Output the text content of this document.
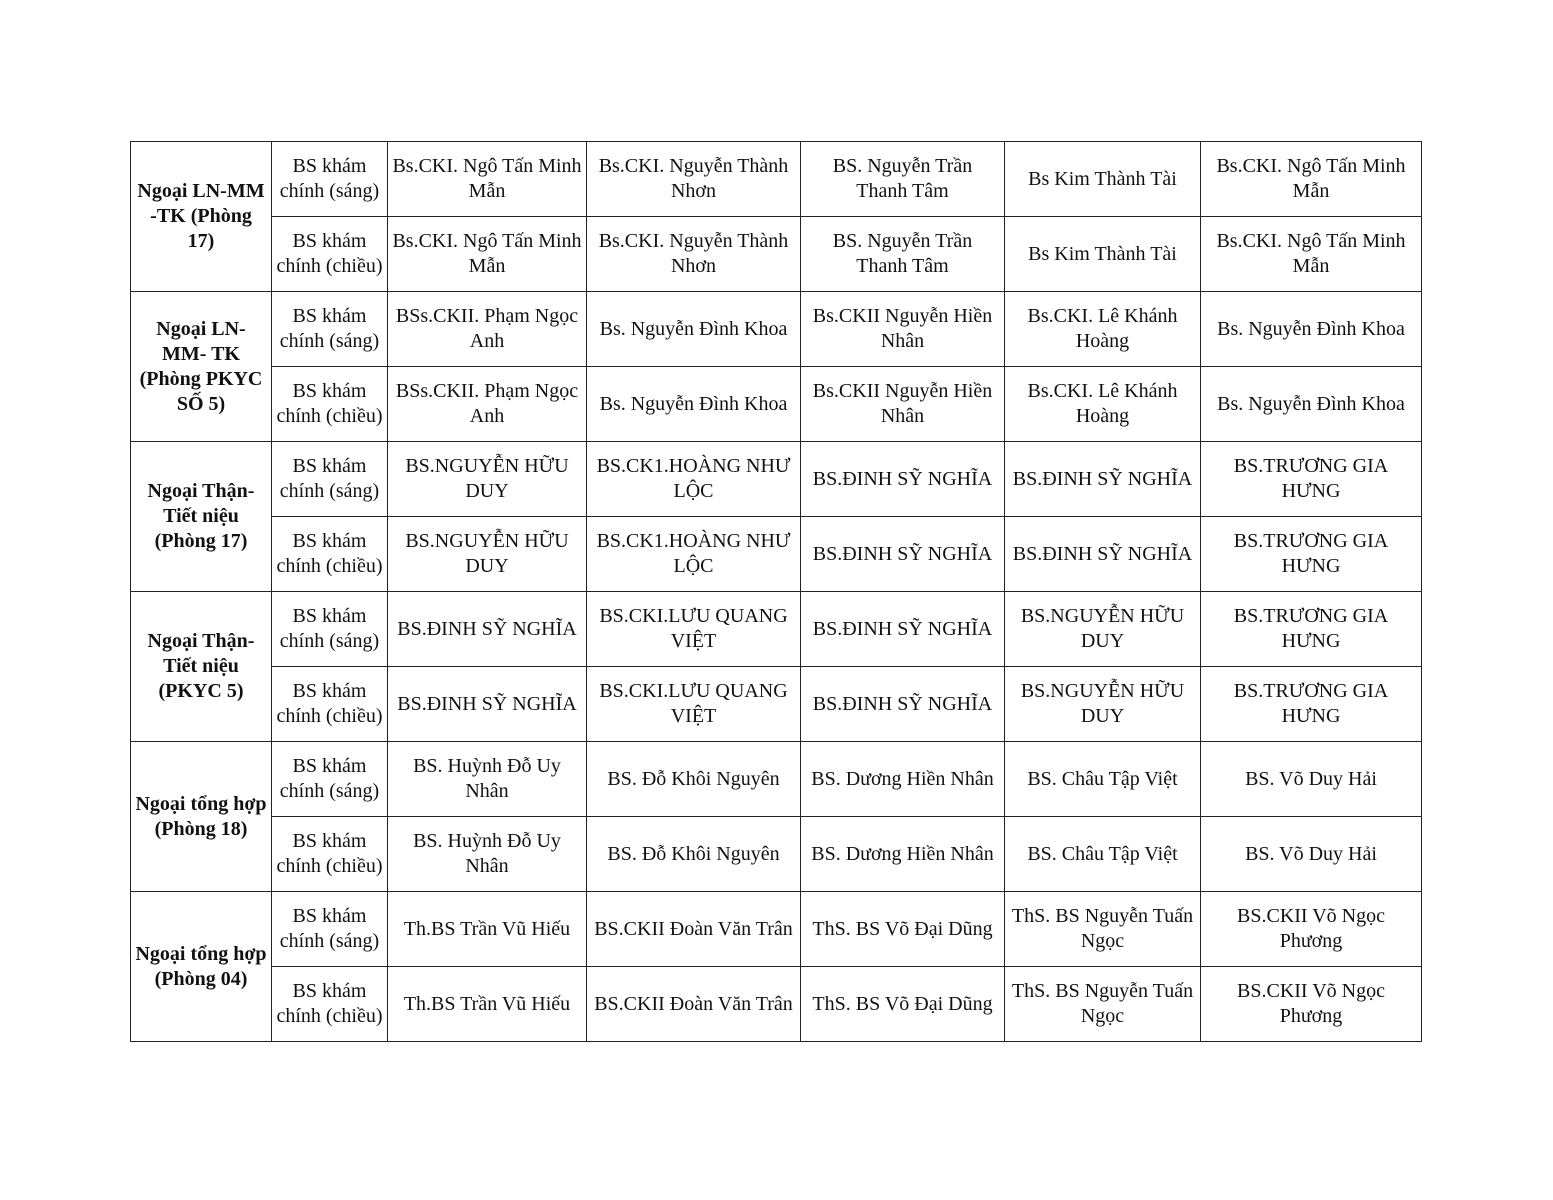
Ngoại LN-MM -TK (Phòng 17)	BS khám chính (sáng)	Bs.CKI. Ngô Tấn Minh Mẫn	Bs.CKI. Nguyễn Thành Nhơn	BS. Nguyễn Trần Thanh Tâm	Bs Kim Thành Tài	Bs.CKI. Ngô Tấn Minh Mẫn
	BS khám chính (chiều)	Bs.CKI. Ngô Tấn Minh Mẫn	Bs.CKI. Nguyễn Thành Nhơn	BS. Nguyễn Trần Thanh Tâm	Bs Kim Thành Tài	Bs.CKI. Ngô Tấn Minh Mẫn
Ngoại LN-MM- TK (Phòng PKYC SỐ 5)	BS khám chính (sáng)	BSs.CKII. Phạm Ngọc Anh	Bs. Nguyễn Đình Khoa	Bs.CKII Nguyễn Hiền Nhân	Bs.CKI. Lê Khánh Hoàng	Bs. Nguyễn Đình Khoa
	BS khám chính (chiều)	BSs.CKII. Phạm Ngọc Anh	Bs. Nguyễn Đình Khoa	Bs.CKII Nguyễn Hiền Nhân	Bs.CKI. Lê Khánh Hoàng	Bs. Nguyễn Đình Khoa
Ngoại Thận-Tiết niệu (Phòng 17)	BS khám chính (sáng)	BS.NGUYỄN HỮU DUY	BS.CK1.HOÀNG NHƯ LỘC	BS.ĐINH SỸ NGHĨA	BS.ĐINH SỸ NGHĨA	BS.TRƯƠNG GIA HƯNG
	BS khám chính (chiều)	BS.NGUYỄN HỮU DUY	BS.CK1.HOÀNG NHƯ LỘC	BS.ĐINH SỸ NGHĨA	BS.ĐINH SỸ NGHĨA	BS.TRƯƠNG GIA HƯNG
Ngoại Thận-Tiết niệu (PKYC 5)	BS khám chính (sáng)	BS.ĐINH SỸ NGHĨA	BS.CKI.LƯU QUANG VIỆT	BS.ĐINH SỸ NGHĨA	BS.NGUYỄN HỮU DUY	BS.TRƯƠNG GIA HƯNG
	BS khám chính (chiều)	BS.ĐINH SỸ NGHĨA	BS.CKI.LƯU QUANG VIỆT	BS.ĐINH SỸ NGHĨA	BS.NGUYỄN HỮU DUY	BS.TRƯƠNG GIA HƯNG
Ngoại tổng hợp (Phòng 18)	BS khám chính (sáng)	BS. Huỳnh Đỗ Uy Nhân	BS. Đỗ Khôi Nguyên	BS. Dương Hiền Nhân	BS. Châu Tập Việt	BS. Võ Duy Hải
	BS khám chính (chiều)	BS. Huỳnh Đỗ Uy Nhân	BS. Đỗ Khôi Nguyên	BS. Dương Hiền Nhân	BS. Châu Tập Việt	BS. Võ Duy Hải
Ngoại tổng hợp (Phòng 04)	BS khám chính (sáng)	Th.BS Trần Vũ Hiếu	BS.CKII Đoàn Văn Trân	ThS. BS Võ Đại Dũng	ThS. BS Nguyễn Tuấn Ngọc	BS.CKII Võ Ngọc Phương
	BS khám chính (chiều)	Th.BS Trần Vũ Hiếu	BS.CKII Đoàn Văn Trân	ThS. BS Võ Đại Dũng	ThS. BS Nguyễn Tuấn Ngọc	BS.CKII Võ Ngọc Phương
